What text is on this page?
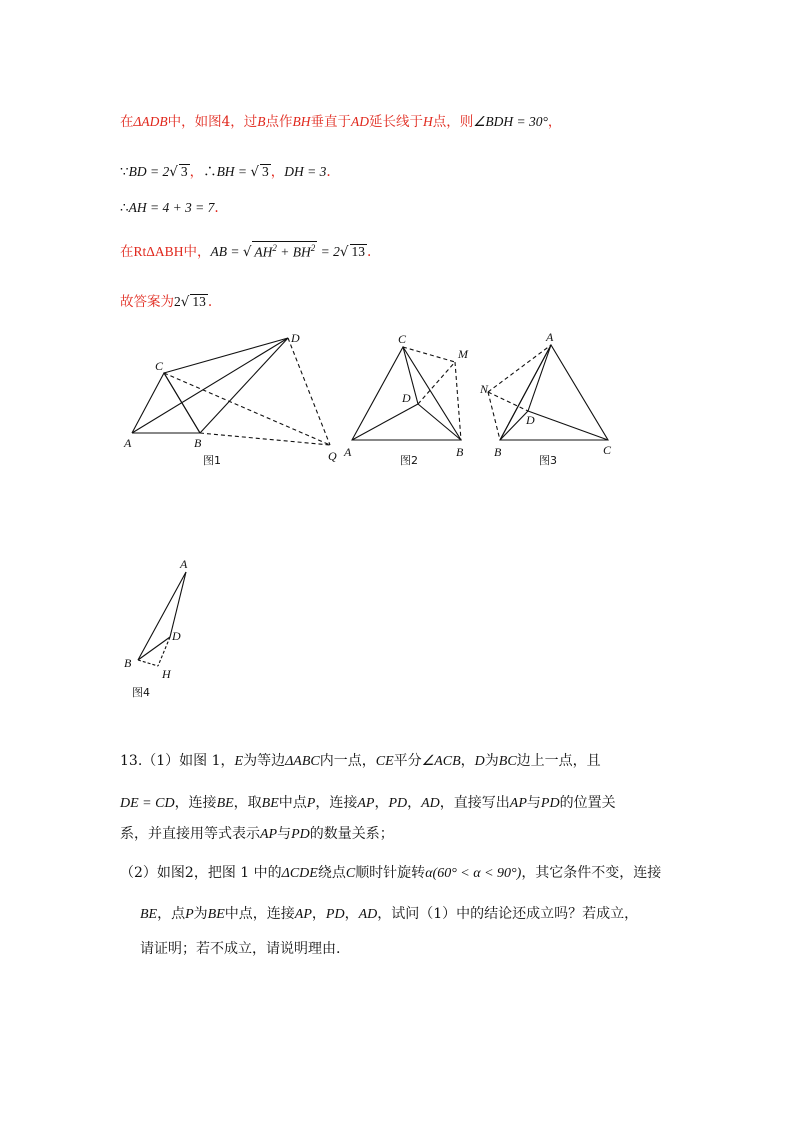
在ΔADB中，如图4，过B点作BH垂直于AD延长线于H点，则∠BDH = 30°，
∵BD = 2√ 3 ，∴BH = √ 3 ，DH = 3.
∴AH = 4 + 3 = 7.
在RtΔABH中，AB = √ $AH^2 + BH^2 = 2√$ 13 .
故答案为2√ 13 .
C
D
A	B
Q
图1
C
M
D
A	B
图2
A
N
D
B	C
图3
A
D
B
H
图4
13.（1）如图 1，E为等边ΔABC内一点，CE平分∠ACB，D为BC边上一点，且
DE = CD，连接BE，取BE中点P，连接AP，PD，AD，直接写出AP与PD的位置关
系，并直接用等式表示AP与PD的数量关系；
（2）如图2，把图 1 中的ΔCDE绕点C顺时针旋转α(60° < α < 90°)，其它条件不变，连接
BE，点P为BE中点，连接AP，PD，AD，试问（1）中的结论还成立吗？若成立，
请证明；若不成立，请说明理由.
